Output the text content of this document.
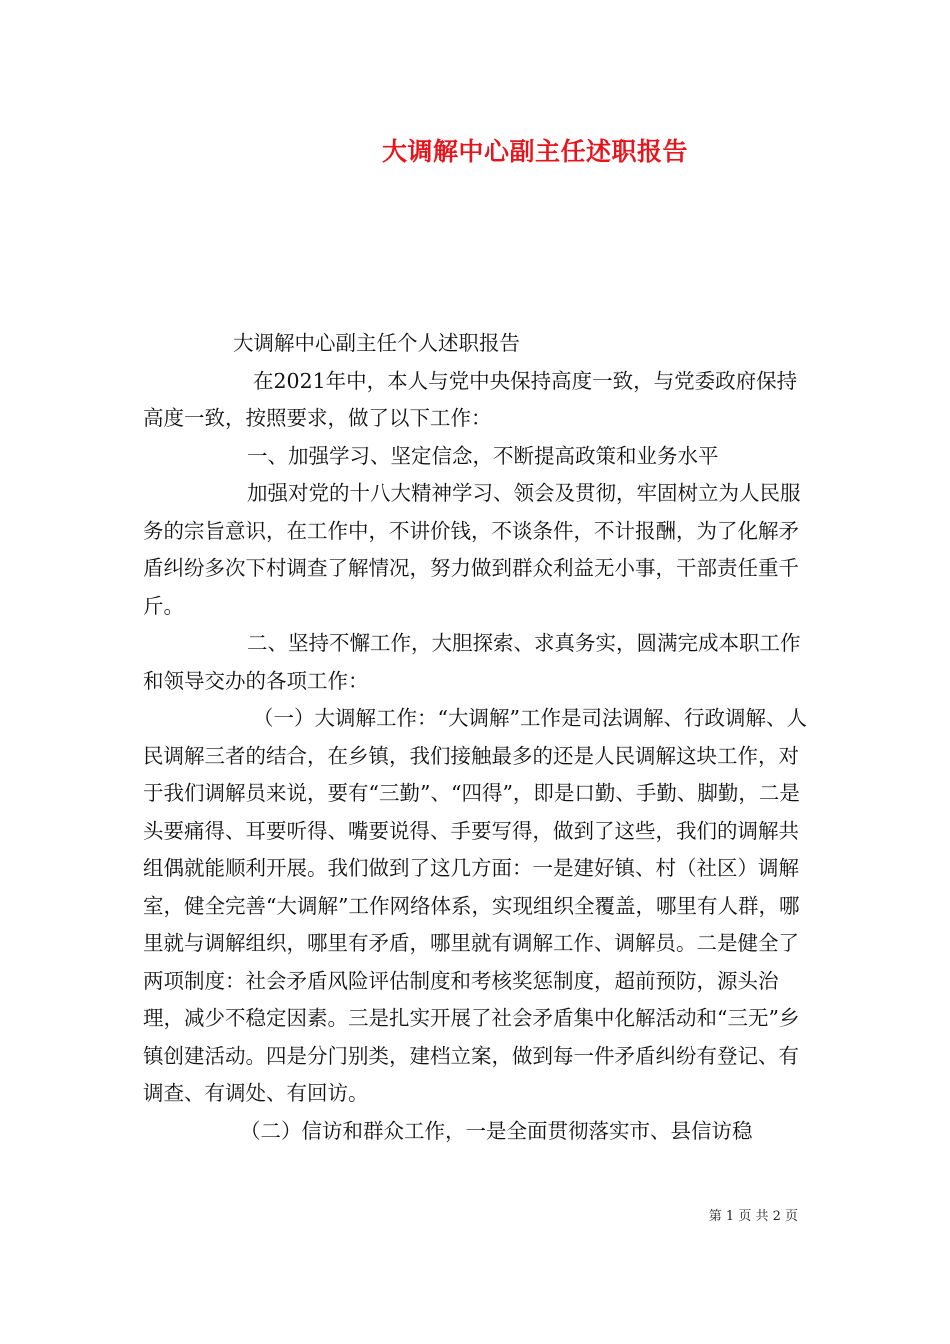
大调解中心副主任述职报告

大调解中心副主任个人述职报告

在2021年中，本人与党中央保持高度一致，与党委政府保持高度一致，按照要求，做了以下工作：

一、加强学习、坚定信念，不断提高政策和业务水平

加强对党的十八大精神学习、领会及贯彻，牢固树立为人民服务的宗旨意识，在工作中，不讲价钱，不谈条件，不计报酬，为了化解矛盾纠纷多次下村调查了解情况，努力做到群众利益无小事，干部责任重千斤。

二、坚持不懈工作，大胆探索、求真务实，圆满完成本职工作和领导交办的各项工作：

（一）大调解工作：“大调解”工作是司法调解、行政调解、人民调解三者的结合，在乡镇，我们接触最多的还是人民调解这块工作，对于我们调解员来说，要有“三勤”、“四得”，即是口勤、手勤、脚勤，二是头要痛得、耳要听得、嘴要说得、手要写得，做到了这些，我们的调解共组偶就能顺利开展。我们做到了这几方面：一是建好镇、村（社区）调解室，健全完善“大调解”工作网络体系，实现组织全覆盖，哪里有人群，哪里就与调解组织，哪里有矛盾，哪里就有调解工作、调解员。二是健全了两项制度：社会矛盾风险评估制度和考核奖惩制度，超前预防，源头治理，减少不稳定因素。三是扎实开展了社会矛盾集中化解活动和“三无”乡镇创建活动。四是分门别类，建档立案，做到每一件矛盾纠纷有登记、有调查、有调处、有回访。

（二）信访和群众工作，一是全面贯彻落实市、县信访稳

第 1 页 共 2 页
